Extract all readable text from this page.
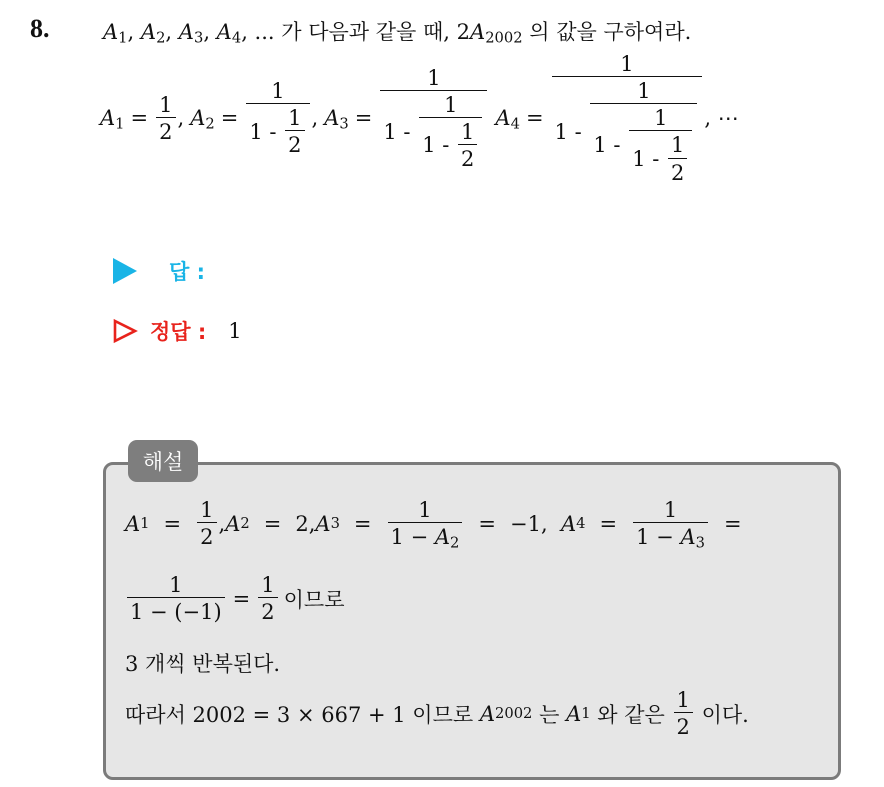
8.	$A_1$, $A_2$, $A_3$, $A_4$, ... 가 다음과 같을 때, $2A_{2002}$ 의 값을 구하여라.
$A_1 = \frac{1}{2}$ , $A_2 = 1$
1 -
$\frac{1}{2}$ , $A_3 = 1$
1 -
1
1 -
$\frac{1}{2} A_4 = 1$
1 -
1
1 -
1
1 -
$\frac{1}{2}$ , ⋯
답 :
정답 : 1
해설
A $1 = \frac{1}{2}$ , A 2 = 2, A $3 = \frac{1}{1 - A_2} = -1$,
A $4 = \frac{1}{1 - A_3}$ =
$\frac{1}{1 - (-1)} = \frac{1}{2}$ 이므로
3 개씩 반복된다.
따라서 2002 = 3 × 667 + 1 이므로
A 2002
는
A 1
와 같은
$\frac{1}{2}$
이다.
